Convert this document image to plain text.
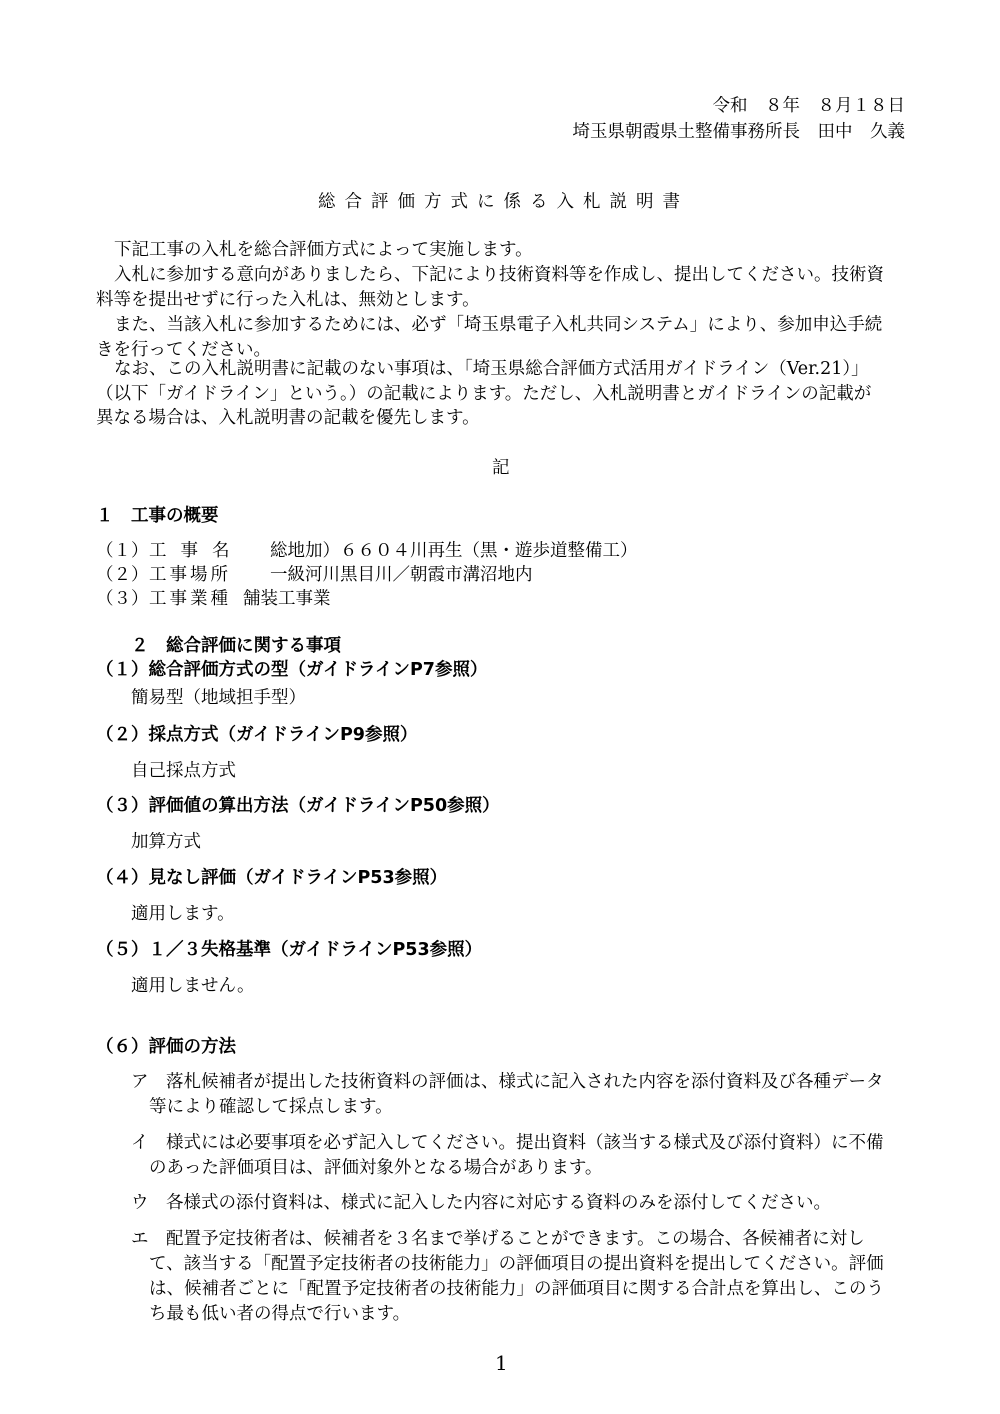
令和　８年　８月１８日
埼玉県朝霞県土整備事務所長　田中　久義
総合評価方式に係る入札説明書
下記工事の入札を総合評価方式によって実施します。
入札に参加する意向がありましたら、下記により技術資料等を作成し、提出してください。技術資
料等を提出せずに行った入札は、無効とします。
また、当該入札に参加するためには、必ず「埼玉県電子入札共同システム」により、参加申込手続
きを行ってください。
なお、この入札説明書に記載のない事項は、「埼玉県総合評価方式活用ガイドライン（Ver.21）」
（以下「ガイドライン」という。）の記載によります。ただし、入札説明書とガイドラインの記載が
異なる場合は、入札説明書の記載を優先します。
記
１　工事の概要
（１） 工事名 総地加）６６０４川再生（黒・遊歩道整備工）
（２） 工事場所 一級河川黒目川／朝霞市溝沼地内
（３） 工事業種 舗装工事業
２　総合評価に関する事項
（１）総合評価方式の型（ガイドラインP7参照）
簡易型（地域担手型）
（２）採点方式（ガイドラインP9参照）
自己採点方式
（３）評価値の算出方法（ガイドラインP50参照）
加算方式
（４）見なし評価（ガイドラインP53参照）
適用します。
（５）１／３失格基準（ガイドラインP53参照）
適用しません。
（６）評価の方法
ア 落札候補者が提出した技術資料の評価は、様式に記入された内容を添付資料及び各種データ
等により確認して採点します。
イ 様式には必要事項を必ず記入してください。提出資料（該当する様式及び添付資料）に不備
のあった評価項目は、評価対象外となる場合があります。
ウ 各様式の添付資料は、様式に記入した内容に対応する資料のみを添付してください。
エ 配置予定技術者は、候補者を３名まで挙げることができます。この場合、各候補者に対し
て、該当する「配置予定技術者の技術能力」の評価項目の提出資料を提出してください。評価
は、候補者ごとに「配置予定技術者の技術能力」の評価項目に関する合計点を算出し、このう
ち最も低い者の得点で行います。
1
